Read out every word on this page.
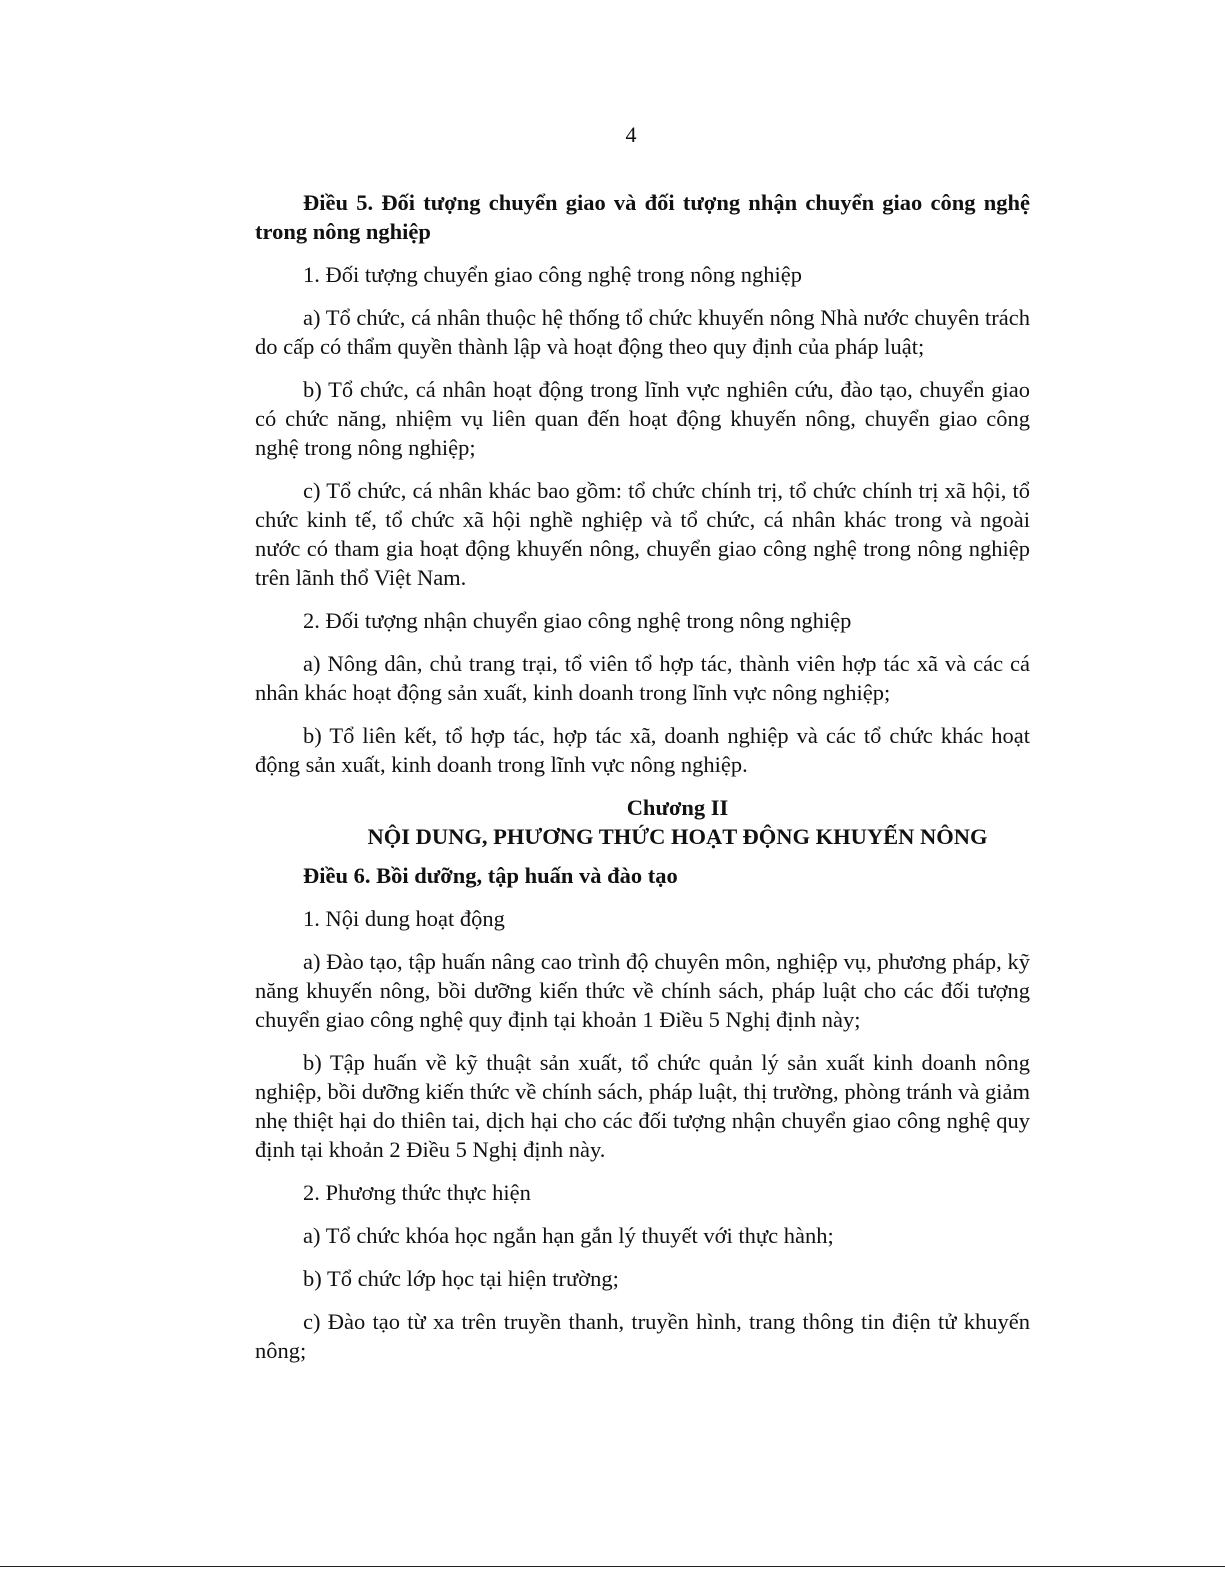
4

Điều 5. Đối tượng chuyển giao và đối tượng nhận chuyển giao công nghệ trong nông nghiệp

1. Đối tượng chuyển giao công nghệ trong nông nghiệp

a) Tổ chức, cá nhân thuộc hệ thống tổ chức khuyến nông Nhà nước chuyên trách do cấp có thẩm quyền thành lập và hoạt động theo quy định của pháp luật;

b) Tổ chức, cá nhân hoạt động trong lĩnh vực nghiên cứu, đào tạo, chuyển giao có chức năng, nhiệm vụ liên quan đến hoạt động khuyến nông, chuyển giao công nghệ trong nông nghiệp;

c) Tổ chức, cá nhân khác bao gồm: tổ chức chính trị, tổ chức chính trị xã hội, tổ chức kinh tế, tổ chức xã hội nghề nghiệp và tổ chức, cá nhân khác trong và ngoài nước có tham gia hoạt động khuyến nông, chuyển giao công nghệ trong nông nghiệp trên lãnh thổ Việt Nam.

2. Đối tượng nhận chuyển giao công nghệ trong nông nghiệp

a) Nông dân, chủ trang trại, tổ viên tổ hợp tác, thành viên hợp tác xã và các cá nhân khác hoạt động sản xuất, kinh doanh trong lĩnh vực nông nghiệp;

b) Tổ liên kết, tổ hợp tác, hợp tác xã, doanh nghiệp và các tổ chức khác hoạt động sản xuất, kinh doanh trong lĩnh vực nông nghiệp.

Chương II
NỘI DUNG, PHƯƠNG THỨC HOẠT ĐỘNG KHUYẾN NÔNG

Điều 6. Bồi dưỡng, tập huấn và đào tạo

1. Nội dung hoạt động

a) Đào tạo, tập huấn nâng cao trình độ chuyên môn, nghiệp vụ, phương pháp, kỹ năng khuyến nông, bồi dưỡng kiến thức về chính sách, pháp luật cho các đối tượng chuyển giao công nghệ quy định tại khoản 1 Điều 5 Nghị định này;

b) Tập huấn về kỹ thuật sản xuất, tổ chức quản lý sản xuất kinh doanh nông nghiệp, bồi dưỡng kiến thức về chính sách, pháp luật, thị trường, phòng tránh và giảm nhẹ thiệt hại do thiên tai, dịch hại cho các đối tượng nhận chuyển giao công nghệ quy định tại khoản 2 Điều 5 Nghị định này.

2. Phương thức thực hiện

a) Tổ chức khóa học ngắn hạn gắn lý thuyết với thực hành;

b) Tổ chức lớp học tại hiện trường;

c) Đào tạo từ xa trên truyền thanh, truyền hình, trang thông tin điện tử khuyến nông;
